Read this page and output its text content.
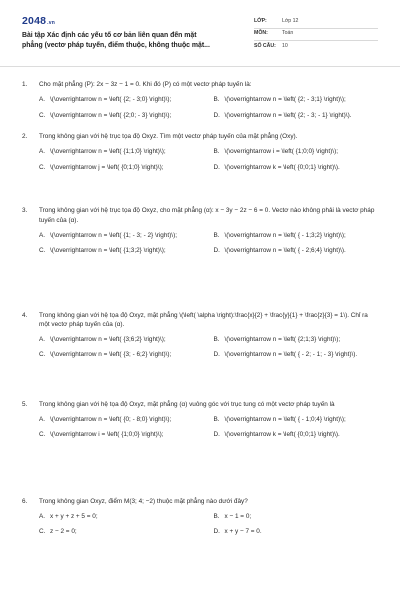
2048.vn
Bài tập Xác định các yếu tố cơ bản liên quan đến mặt
phẳng (vectơ pháp tuyến, điểm thuộc, không thuộc mặt...
LỚP:	Lớp 12
MÔN:	Toán
SỐ CÂU:	10
1.	Cho mặt phẳng (P): 2x − 3z − 1 = 0. Khi đó (P) có một vectơ pháp tuyến là:
A. \(\overrightarrow n = \left( {2; - 3;0} \right)\);	B. \(\overrightarrow n = \left( {2; - 3;1} \right)\);
C. \(\overrightarrow n = \left( {2;0; - 3} \right)\);	D. \(\overrightarrow n = \left( {2; - 3; - 1} \right)\).
2.	Trong không gian với hệ trục tọa độ Oxyz. Tìm một vectơ pháp tuyến của mặt phẳng (Oxy).
A. \(\overrightarrow n = \left( {1;1;0} \right)\);	B. \(\overrightarrow i = \left( {1;0;0} \right)\);
C. \(\overrightarrow j = \left( {0;1;0} \right)\);	D. \(\overrightarrow k = \left( {0;0;1} \right)\).
3.	Trong không gian với hệ trục tọa độ Oxyz, cho mặt phẳng (α): x − 3y − 2z − 6 = 0. Vectơ nào không phải là vectơ pháp tuyến của (α).
A. \(\overrightarrow n = \left( {1; - 3; - 2} \right)\);	B. \(\overrightarrow n = \left( { - 1;3;2} \right)\);
C. \(\overrightarrow n = \left( {1;3;2} \right)\);	D. \(\overrightarrow n = \left( { - 2;6;4} \right)\).
4.	Trong không gian với hệ tọa độ Oxyz, mặt phẳng \(\left( \alpha \right):\frac{x}{2} + \frac{y}{1} + \frac{z}{3} = 1\). Chỉ ra một vectơ pháp tuyến của (α).
A. \(\overrightarrow n = \left( {3;6;2} \right)\);	B. \(\overrightarrow n = \left( {2;1;3} \right)\);
C. \(\overrightarrow n = \left( {3; - 6;2} \right)\);	D. \(\overrightarrow n = \left( { - 2; - 1; - 3} \right)\).
5.	Trong không gian với hệ tọa độ Oxyz, mặt phẳng (α) vuông góc với trục tung có một vectơ pháp tuyến là
A. \(\overrightarrow n = \left( {0; - 8;0} \right)\);	B. \(\overrightarrow n = \left( { - 1;0;4} \right)\);
C. \(\overrightarrow i = \left( {1;0;0} \right)\);	D. \(\overrightarrow k = \left( {0;0;1} \right)\).
6.	Trong không gian Oxyz, điểm M(3; 4; −2) thuộc mặt phẳng nào dưới đây?
A. x + y + z + 5 = 0;	B. x − 1 = 0;
C. z − 2 = 0;	D. x + y − 7 = 0.
